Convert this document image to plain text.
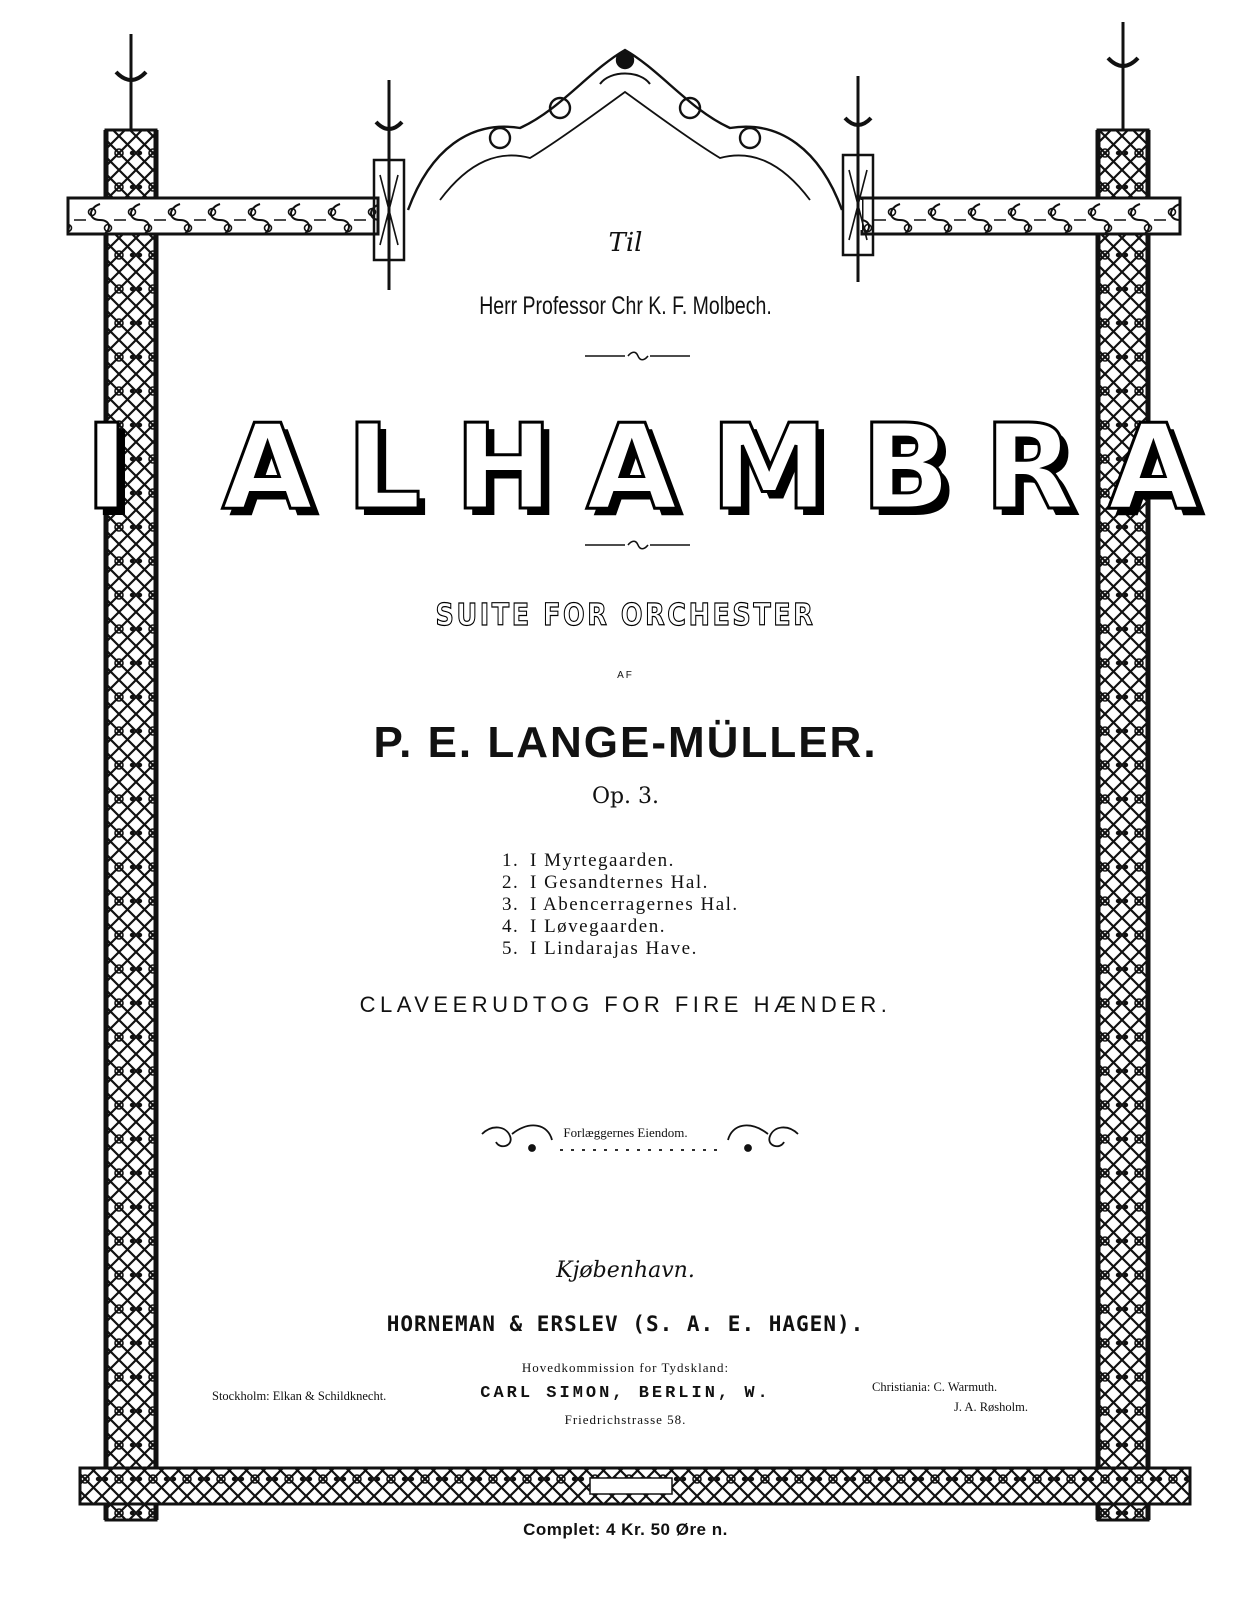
Til
Herr Professor Chr K. F. Molbech.
I ALHAMBRA
SUITE FOR ORCHESTER
AF
P. E. LANGE-MÜLLER.
Op. 3.
1. I Myrtegaarden.
2. I Gesandternes Hal.
3. I Abencerragernes Hal.
4. I Løvegaarden.
5. I Lindarajas Have.
CLAVEERUDTOG FOR FIRE HÆNDER.
Forlæggernes Eiendom.
Kjøbenhavn.
HORNEMAN & ERSLEV (S. A. E. HAGEN).
Hovedkommission for Tydskland:
CARL SIMON, BERLIN, W.
Friedrichstrasse 58.
Stockholm: Elkan & Schildknecht.
Christiania: C. Warmuth.
J. A. Røsholm.
Complet: 4 Kr. 50 Øre n.
